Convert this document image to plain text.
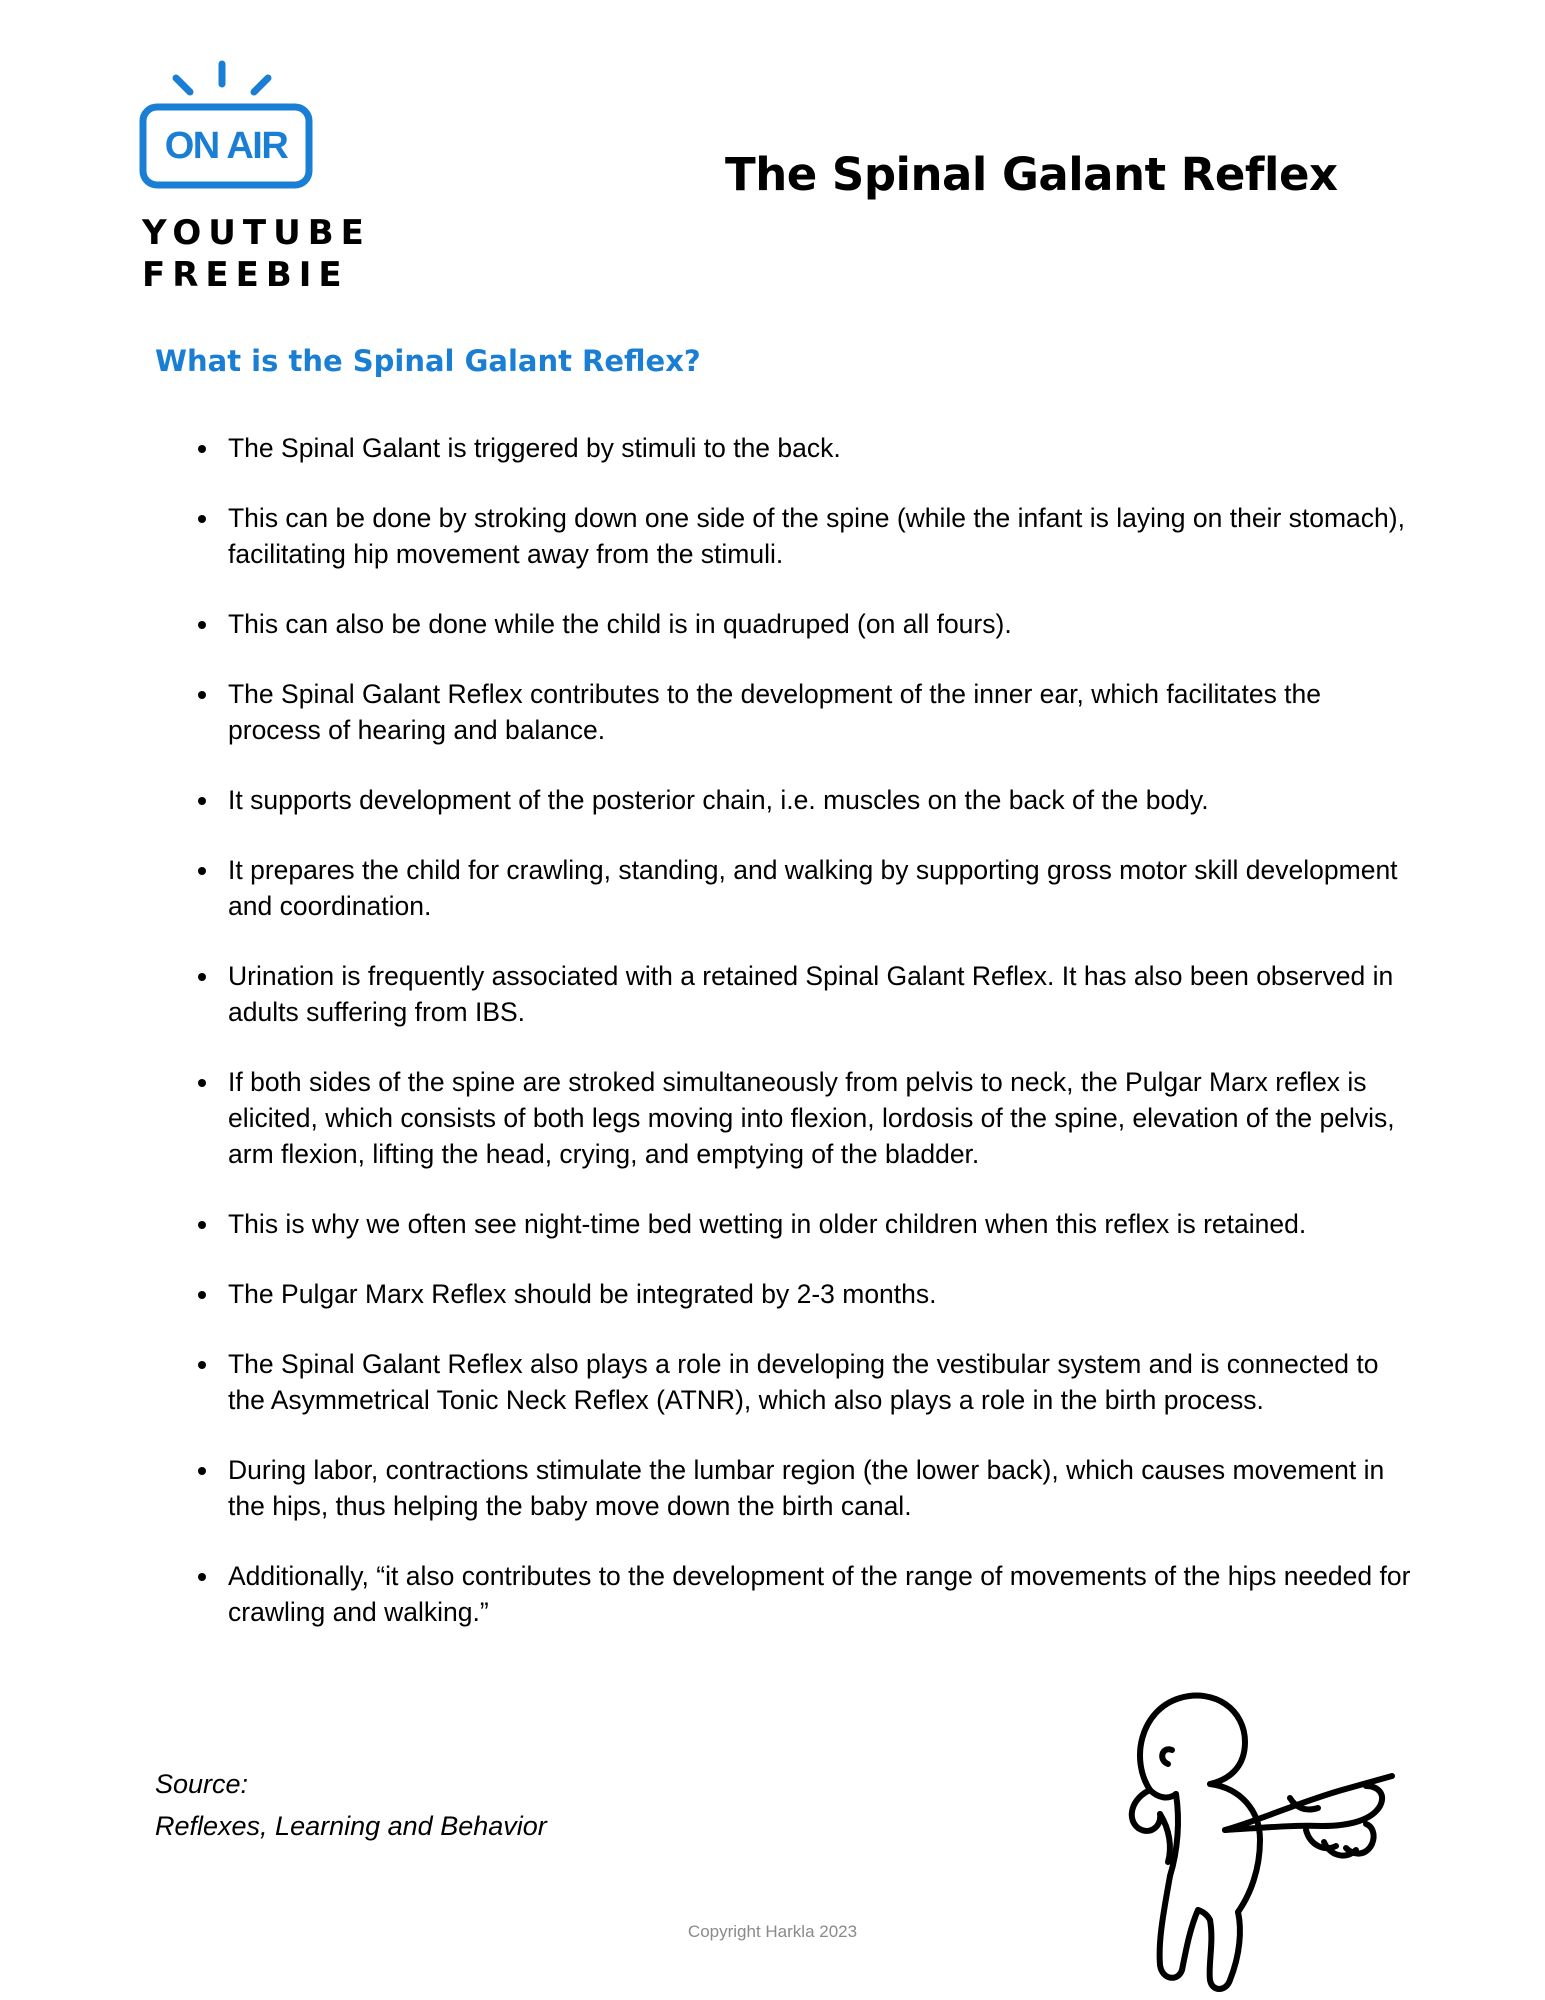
ON AIR
YOUTUBE
FREEBIE
The Spinal Galant Reflex
What is the Spinal Galant Reflex?
The Spinal Galant is triggered by stimuli to the back.
This can be done by stroking down one side of the spine (while the infant is laying on their stomach), facilitating hip movement away from the stimuli.
This can also be done while the child is in quadruped (on all fours).
The Spinal Galant Reflex contributes to the development of the inner ear, which facilitates the process of hearing and balance.
It supports development of the posterior chain, i.e. muscles on the back of the body.
It prepares the child for crawling, standing, and walking by supporting gross motor skill development and coordination.
Urination is frequently associated with a retained Spinal Galant Reflex. It has also been observed in adults suffering from IBS.
If both sides of the spine are stroked simultaneously from pelvis to neck, the Pulgar Marx reflex is elicited, which consists of both legs moving into flexion, lordosis of the spine, elevation of the pelvis, arm flexion, lifting the head, crying, and emptying of the bladder.
This is why we often see night-time bed wetting in older children when this reflex is retained.
The Pulgar Marx Reflex should be integrated by 2-3 months.
The Spinal Galant Reflex also plays a role in developing the vestibular system and is connected to the Asymmetrical Tonic Neck Reflex (ATNR), which also plays a role in the birth process.
During labor, contractions stimulate the lumbar region (the lower back), which causes movement in the hips, thus helping the baby move down the birth canal.
Additionally, “it also contributes to the development of the range of movements of the hips needed for crawling and walking.”
Source:
Reflexes, Learning and Behavior
Copyright Harkla 2023
